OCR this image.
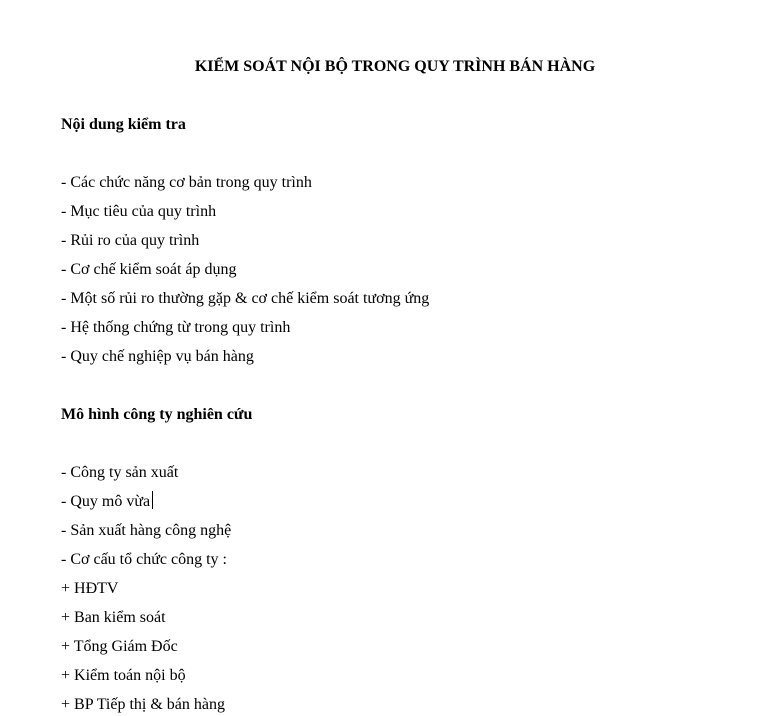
KIỂM SOÁT NỘI BỘ TRONG QUY TRÌNH BÁN HÀNG
Nội dung kiểm tra
- Các chức năng cơ bản trong quy trình
- Mục tiêu của quy trình
- Rủi ro của quy trình
- Cơ chế kiểm soát áp dụng
- Một số rủi ro thường gặp & cơ chế kiểm soát tương ứng
- Hệ thống chứng từ trong quy trình
- Quy chế nghiệp vụ bán hàng
Mô hình công ty nghiên cứu
- Công ty sản xuất
- Quy mô vừa
- Sản xuất hàng công nghệ
- Cơ cấu tổ chức công ty :
+ HĐTV
+ Ban kiểm soát
+ Tổng Giám Đốc
+ Kiểm toán nội bộ
+ BP Tiếp thị & bán hàng
